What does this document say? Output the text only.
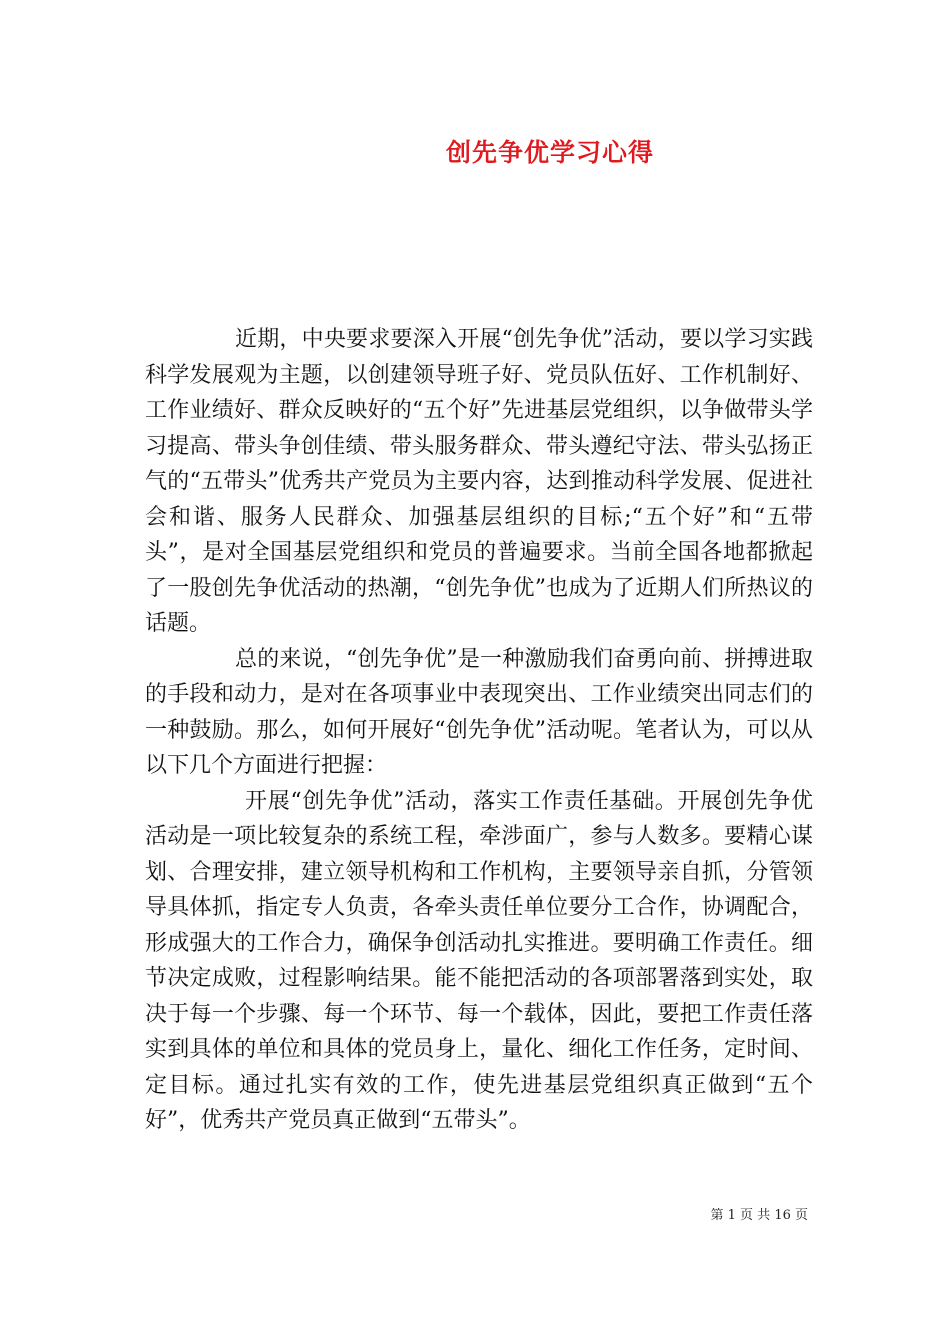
创先争优学习心得

近期，中央要求要深入开展“创先争优”活动，要以学习实践科学发展观为主题，以创建领导班子好、党员队伍好、工作机制好、工作业绩好、群众反映好的“五个好”先进基层党组织，以争做带头学习提高、带头争创佳绩、带头服务群众、带头遵纪守法、带头弘扬正气的“五带头”优秀共产党员为主要内容，达到推动科学发展、促进社会和谐、服务人民群众、加强基层组织的目标;“五个好”和“五带头”，是对全国基层党组织和党员的普遍要求。当前全国各地都掀起了一股创先争优活动的热潮，“创先争优”也成为了近期人们所热议的话题。

总的来说，“创先争优”是一种激励我们奋勇向前、拼搏进取的手段和动力，是对在各项事业中表现突出、工作业绩突出同志们的一种鼓励。那么，如何开展好“创先争优”活动呢。笔者认为，可以从以下几个方面进行把握：

开展“创先争优”活动，落实工作责任基础。开展创先争优活动是一项比较复杂的系统工程，牵涉面广，参与人数多。要精心谋划、合理安排，建立领导机构和工作机构，主要领导亲自抓，分管领导具体抓，指定专人负责，各牵头责任单位要分工合作，协调配合，形成强大的工作合力，确保争创活动扎实推进。要明确工作责任。细节决定成败，过程影响结果。能不能把活动的各项部署落到实处，取决于每一个步骤、每一个环节、每一个载体，因此，要把工作责任落实到具体的单位和具体的党员身上，量化、细化工作任务，定时间、定目标。通过扎实有效的工作，使先进基层党组织真正做到“五个好”，优秀共产党员真正做到“五带头”。

第 1 页 共 16 页
